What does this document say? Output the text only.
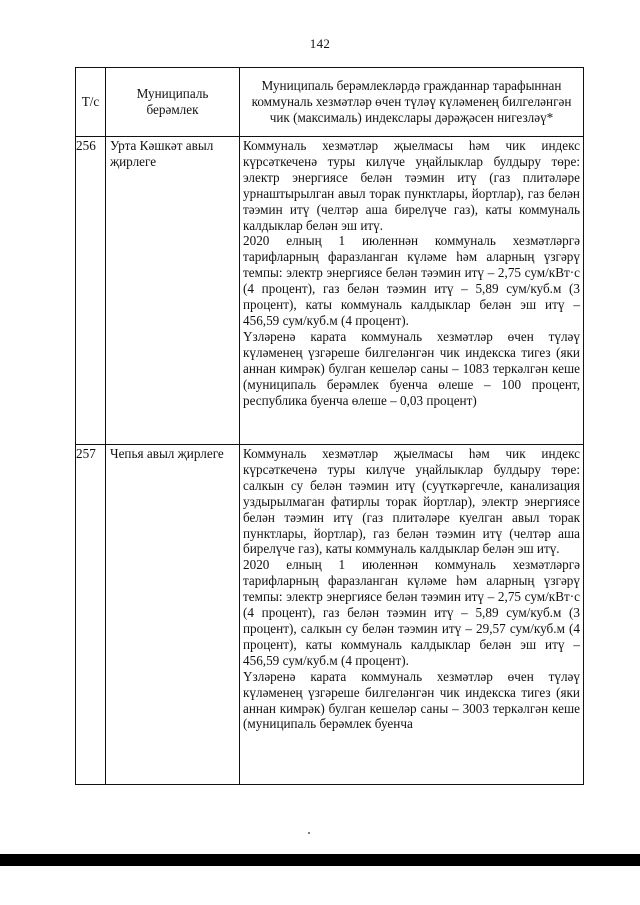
142
Т/с	Муниципаль берәмлек	Муниципаль берәмлекләрдә гражданнар тарафыннан коммуналь хезмәтләр өчен түләү күләменең билгеләнгән чик (максималь) индекслары дәрәҗәсен нигезләү*

256	Урта Кәшкәт авыл җирлеге	Коммуналь хезмәтләр җыелмасы һәм чик индекс күрсәткеченә туры килүче уңайлыклар булдыру төре: электр энергиясе белән тәэмин итү (газ плитәләре урнаштырылган авыл торак пунктлары, йортлар), газ белән тәэмин итү (челтәр аша бирелүче газ), каты коммуналь калдыклар белән эш итү.

2020 елның 1 июленнән коммуналь хезмәтләргә тарифларның фаразланган күләме һәм аларның үзгәрү темпы: электр энергиясе белән тәэмин итү – 2,75 сум/кВт·с (4 процент), газ белән тәэмин итү – 5,89 сум/куб.м (3 процент), каты коммуналь калдыклар белән эш итү – 456,59 сум/куб.м (4 процент).

Үзләренә карата коммуналь хезмәтләр өчен түләү күләменең үзгәреше билгеләнгән чик индекска тигез (яки аннан кимрәк) булган кешеләр саны – 1083 теркәлгән кеше (муниципаль берәмлек буенча өлеше – 100 процент, республика буенча өлеше – 0,03 процент)

257	Чепья авыл җирлеге	Коммуналь хезмәтләр җыелмасы һәм чик индекс күрсәткеченә туры килүче уңайлыклар булдыру төре: салкын су белән тәэмин итү (суүткәргечле, канализация уздырылмаган фатирлы торак йортлар), электр энергиясе белән тәэмин итү (газ плитәләре куелган авыл торак пунктлары, йортлар), газ белән тәэмин итү (челтәр аша бирелүче газ), каты коммуналь калдыклар белән эш итү.

2020 елның 1 июленнән коммуналь хезмәтләргә тарифларның фаразланган күләме һәм аларның үзгәрү темпы: электр энергиясе белән тәэмин итү – 2,75 сум/кВт·с (4 процент), газ белән тәэмин итү – 5,89 сум/куб.м (3 процент), салкын су белән тәэмин итү – 29,57 сум/куб.м (4 процент), каты коммуналь калдыклар белән эш итү – 456,59 сум/куб.м (4 процент).

Үзләренә карата коммуналь хезмәтләр өчен түләү күләменең үзгәреше билгеләнгән чик индекска тигез (яки аннан кимрәк) булган кешеләр саны – 3003 теркәлгән кеше (муниципаль берәмлек буенча
